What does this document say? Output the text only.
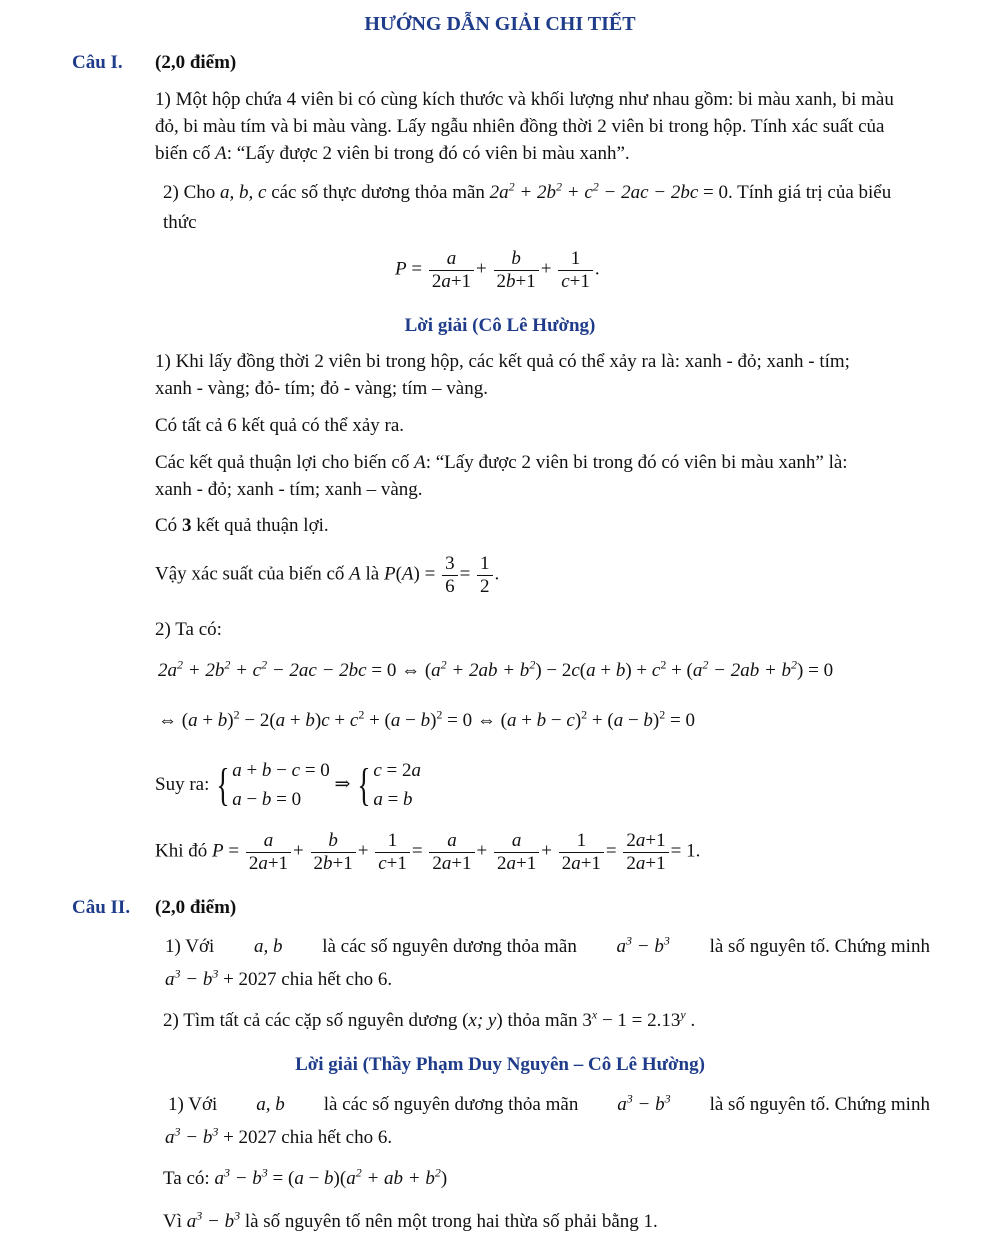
HƯỚNG DẪN GIẢI CHI TIẾT
Câu I. (2,0 điểm)
1) Một hộp chứa 4 viên bi có cùng kích thước và khối lượng như nhau gồm: bi màu xanh, bi màu
đỏ, bi màu tím và bi màu vàng. Lấy ngẫu nhiên đồng thời 2 viên bi trong hộp. Tính xác suất của
biến cố A: “Lấy được 2 viên bi trong đó có viên bi màu xanh”.
2) Cho a, b, c các số thực dương thỏa mãn $2a^2 + 2b^2 + c^2 - 2ac - 2bc = 0$. Tính giá trị của biểu
thức
$P = \frac{a}{2a+1} + \frac{b}{2b+1} + \frac{1}{c+1}$ .
Lời giải (Cô Lê Hường)
1) Khi lấy đồng thời 2 viên bi trong hộp, các kết quả có thể xảy ra là: xanh - đỏ; xanh - tím;
xanh - vàng; đỏ- tím; đỏ - vàng; tím – vàng.
Có tất cả 6 kết quả có thể xảy ra.
Các kết quả thuận lợi cho biến cố A: “Lấy được 2 viên bi trong đó có viên bi màu xanh” là:
xanh - đỏ; xanh - tím; xanh – vàng.
Có 3 kết quả thuận lợi.
Vậy xác suất của biến cố A là $P(A) = \frac{3}{6} = \frac{1}{2}$ .
2) Ta có:
$2a^2 + 2b^2 + c^2 - 2ac - 2bc = 0$ ⇔ $(a^2 + 2ab + b^2) - 2c(a + b) + c^2 + (a^2 - 2ab + b^2) = 0$
⇔ $(a + b)^2 - 2(a + b)c + c^2 + (a - b)^2 = 0$ ⇔ $(a + b - c)^2 + (a - b)^2 = 0$
Suy ra: { a + b − c = 0
a − b = 0 ⇒ { c = 2a
a = b
Khi đó $P = \frac{a}{2a+1} + \frac{b}{2b+1} + \frac{1}{c+1} = \frac{a}{2a+1} + \frac{a}{2a+1} + \frac{1}{2a+1} = \frac{2a+1}{2a+1} = 1$.
Câu II. (2,0 điểm)
1) Với a, b là các số nguyên dương thỏa mãn $a^3 - b^3$ là số nguyên tố. Chứng minh
$a^3 - b^3 + 2027$ chia hết cho 6.
2) Tìm tất cả các cặp số nguyên dương (x; y) thỏa mãn $3^x - 1 = 2.13^y$ .
Lời giải (Thầy Phạm Duy Nguyên – Cô Lê Hường)
1) Với a, b là các số nguyên dương thỏa mãn $a^3 - b^3$ là số nguyên tố. Chứng minh
$a^3 - b^3 + 2027$ chia hết cho 6.
Ta có: $a^3 - b^3 = (a - b)(a^2$ + ab + $b^2$)
Vì $a^3 - b^3$ là số nguyên tố nên một trong hai thừa số phải bằng 1.
